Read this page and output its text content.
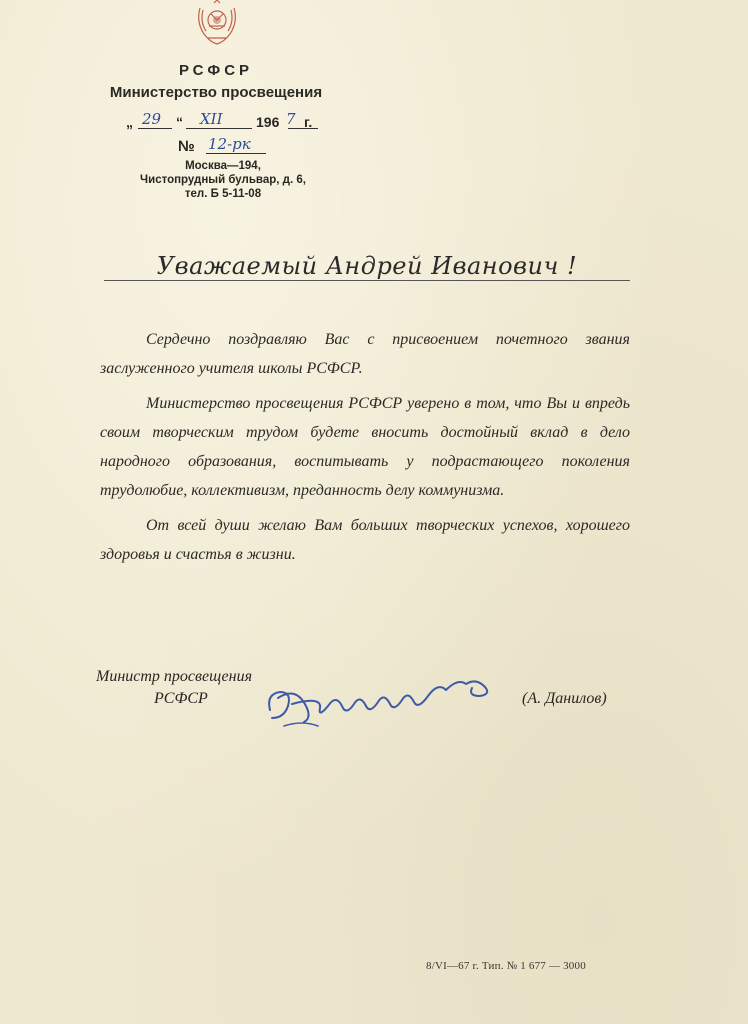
РСФСР
Министерство просвещения
„ 29 “ XII 196 7 г.
№ 12-рк
Москва—194,
Чистопрудный бульвар, д. 6,
тел. Б 5-11-08
Уважаемый Андрей Иванович !

Сердечно поздравляю Вас с присвоением почетного звания заслуженного учителя школы РСФСР.

Министерство просвещения РСФСР уверено в том, что Вы и впредь своим творческим трудом будете вносить достойный вклад в дело народного образования, воспитывать у подрастающего поколения трудолюбие, коллективизм, преданность делу коммунизма.

От всей души желаю Вам больших творческих успехов, хорошего здоровья и счастья в жизни.

Министр просвещения
РСФСР	(А. Данилов)
8/VI—67 г. Тип. № 1 677 — 3000
